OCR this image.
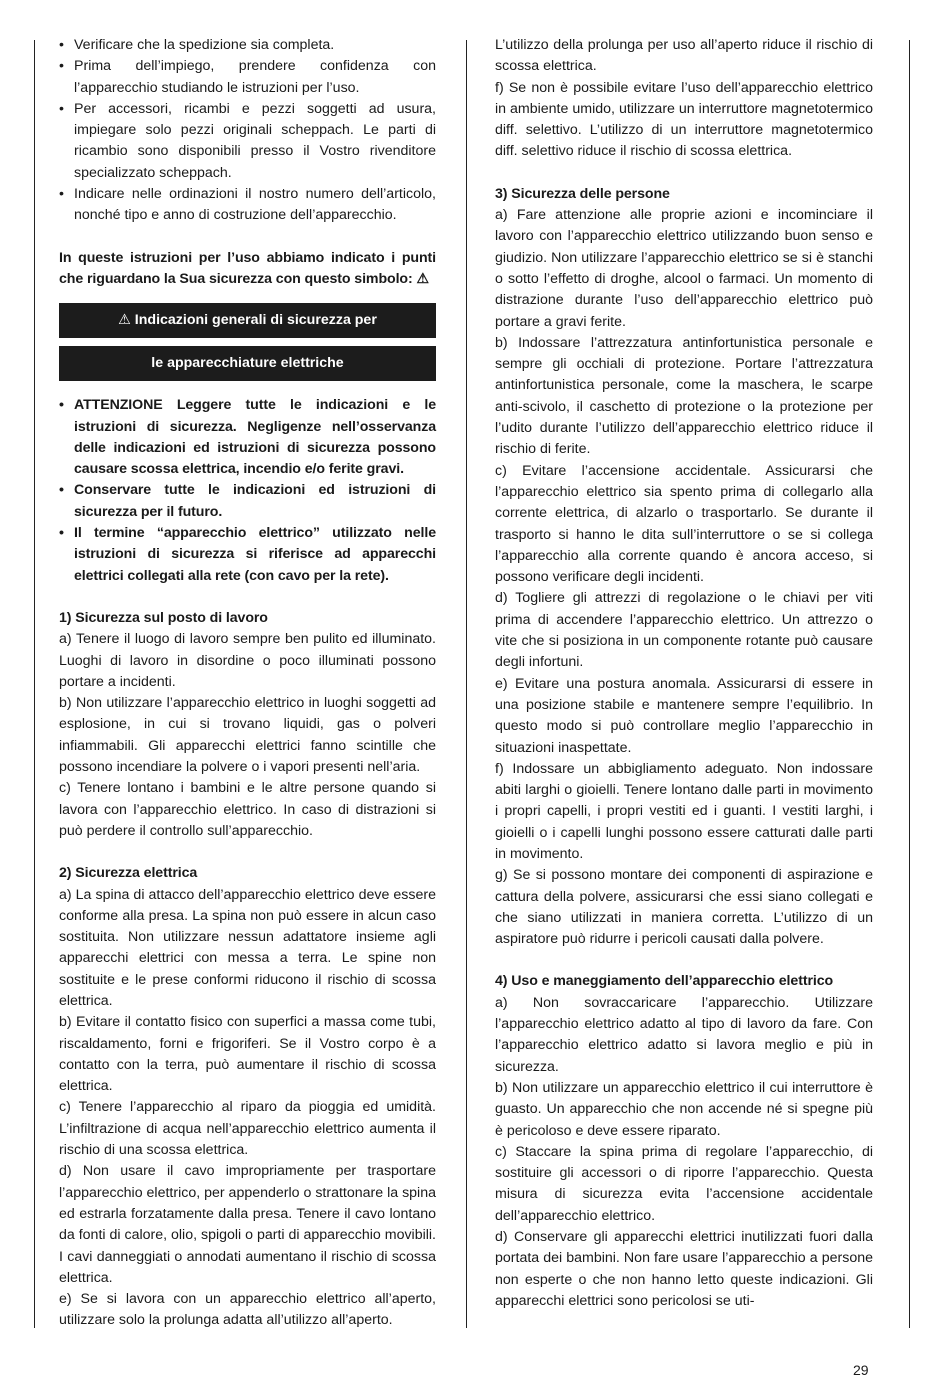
• Verificare che la spedizione sia completa.
• Prima dell’impiego, prendere confidenza con l’apparecchio studiando le istruzioni per l’uso.
• Per accessori, ricambi e pezzi soggetti ad usura, impiegare solo pezzi originali scheppach. Le parti di ricambio sono disponibili presso il Vostro rivenditore specializzato scheppach.
• Indicare nelle ordinazioni il nostro numero dell’articolo, nonché tipo e anno di costruzione dell’apparecchio.

In queste istruzioni per l’uso abbiamo indicato i punti che riguardano la Sua sicurezza con questo simbolo: ⚠

⚠ Indicazioni generali di sicurezza per
le apparecchiature elettriche
• ATTENZIONE Leggere tutte le indicazioni e le istruzioni di sicurezza. Negligenze nell’osservanza delle indicazioni ed istruzioni di sicurezza possono causare scossa elettrica, incendio e/o ferite gravi.
• Conservare tutte le indicazioni ed istruzioni di sicurezza per il futuro.
• Il termine “apparecchio elettrico” utilizzato nelle istruzioni di sicurezza si riferisce ad apparecchi elettrici collegati alla rete (con cavo per la rete).

1) Sicurezza sul posto di lavoro

a) Tenere il luogo di lavoro sempre ben pulito ed illuminato. Luoghi di lavoro in disordine o poco illuminati possono portare a incidenti.

b) Non utilizzare l’apparecchio elettrico in luoghi soggetti ad esplosione, in cui si trovano liquidi, gas o polveri infiammabili. Gli apparecchi elettrici fanno scintille che possono incendiare la polvere o i vapori presenti nell’aria.

c) Tenere lontano i bambini e le altre persone quando si lavora con l’apparecchio elettrico. In caso di distrazioni si può perdere il controllo sull’apparecchio.

2) Sicurezza elettrica

a) La spina di attacco dell’apparecchio elettrico deve essere conforme alla presa. La spina non può essere in alcun caso sostituita. Non utilizzare nessun adattatore insieme agli apparecchi elettrici con messa a terra. Le spine non sostituite e le prese conformi riducono il rischio di scossa elettrica.

b) Evitare il contatto fisico con superfici a massa come tubi, riscaldamento, forni e frigoriferi. Se il Vostro corpo è a contatto con la terra, può aumentare il rischio di scossa elettrica.

c) Tenere l’apparecchio al riparo da pioggia ed umidità. L’infiltrazione di acqua nell’apparecchio elettrico aumenta il rischio di una scossa elettrica.

d) Non usare il cavo impropriamente per trasportare l’apparecchio elettrico, per appenderlo o strattonare la spina ed estrarla forzatamente dalla presa. Tenere il cavo lontano da fonti di calore, olio, spigoli o parti di apparecchio movibili. I cavi danneggiati o annodati aumentano il rischio di scossa elettrica.

e) Se si lavora con un apparecchio elettrico all’aperto, utilizzare solo la prolunga adatta all’utilizzo all’aperto.

L’utilizzo della prolunga per uso all’aperto riduce il rischio di scossa elettrica.

f) Se non è possibile evitare l’uso dell’apparecchio elettrico in ambiente umido, utilizzare un interruttore magnetotermico diff. selettivo. L’utilizzo di un interruttore magnetotermico diff. selettivo riduce il rischio di scossa elettrica.

3) Sicurezza delle persone

a) Fare attenzione alle proprie azioni e incominciare il lavoro con l’apparecchio elettrico utilizzando buon senso e giudizio. Non utilizzare l’apparecchio elettrico se si è stanchi o sotto l’effetto di droghe, alcool o farmaci. Un momento di distrazione durante l’uso dell’apparecchio elettrico può portare a gravi ferite.

b) Indossare l’attrezzatura antinfortunistica personale e sempre gli occhiali di protezione. Portare l’attrezzatura antinfortunistica personale, come la maschera, le scarpe anti-scivolo, il caschetto di protezione o la protezione per l’udito durante l’utilizzo dell’apparecchio elettrico riduce il rischio di ferite.

c) Evitare l’accensione accidentale. Assicurarsi che l’apparecchio elettrico sia spento prima di collegarlo alla corrente elettrica, di alzarlo o trasportarlo. Se durante il trasporto si hanno le dita sull’interruttore o se si collega l’apparecchio alla corrente quando è ancora acceso, si possono verificare degli incidenti.

d) Togliere gli attrezzi di regolazione o le chiavi per viti prima di accendere l’apparecchio elettrico. Un attrezzo o vite che si posiziona in un componente rotante può causare degli infortuni.

e) Evitare una postura anomala. Assicurarsi di essere in una posizione stabile e mantenere sempre l’equilibrio. In questo modo si può controllare meglio l’apparecchio in situazioni inaspettate.

f) Indossare un abbigliamento adeguato. Non indossare abiti larghi o gioielli. Tenere lontano dalle parti in movimento i propri capelli, i propri vestiti ed i guanti. I vestiti larghi, i gioielli o i capelli lunghi possono essere catturati dalle parti in movimento.

g) Se si possono montare dei componenti di aspirazione e cattura della polvere, assicurarsi che essi siano collegati e che siano utilizzati in maniera corretta. L’utilizzo di un aspiratore può ridurre i pericoli causati dalla polvere.

4) Uso e maneggiamento dell’apparecchio elettrico

a) Non sovraccaricare l’apparecchio. Utilizzare l’apparecchio elettrico adatto al tipo di lavoro da fare. Con l’apparecchio elettrico adatto si lavora meglio e più in sicurezza.

b) Non utilizzare un apparecchio elettrico il cui interruttore è guasto. Un apparecchio che non accende né si spegne più è pericoloso e deve essere riparato.

c) Staccare la spina prima di regolare l’apparecchio, di sostituire gli accessori o di riporre l’apparecchio. Questa misura di sicurezza evita l’accensione accidentale dell’apparecchio elettrico.

d) Conservare gli apparecchi elettrici inutilizzati fuori dalla portata dei bambini. Non fare usare l’apparecchio a persone non esperte o che non hanno letto queste indicazioni. Gli apparecchi elettrici sono pericolosi se uti-

29
